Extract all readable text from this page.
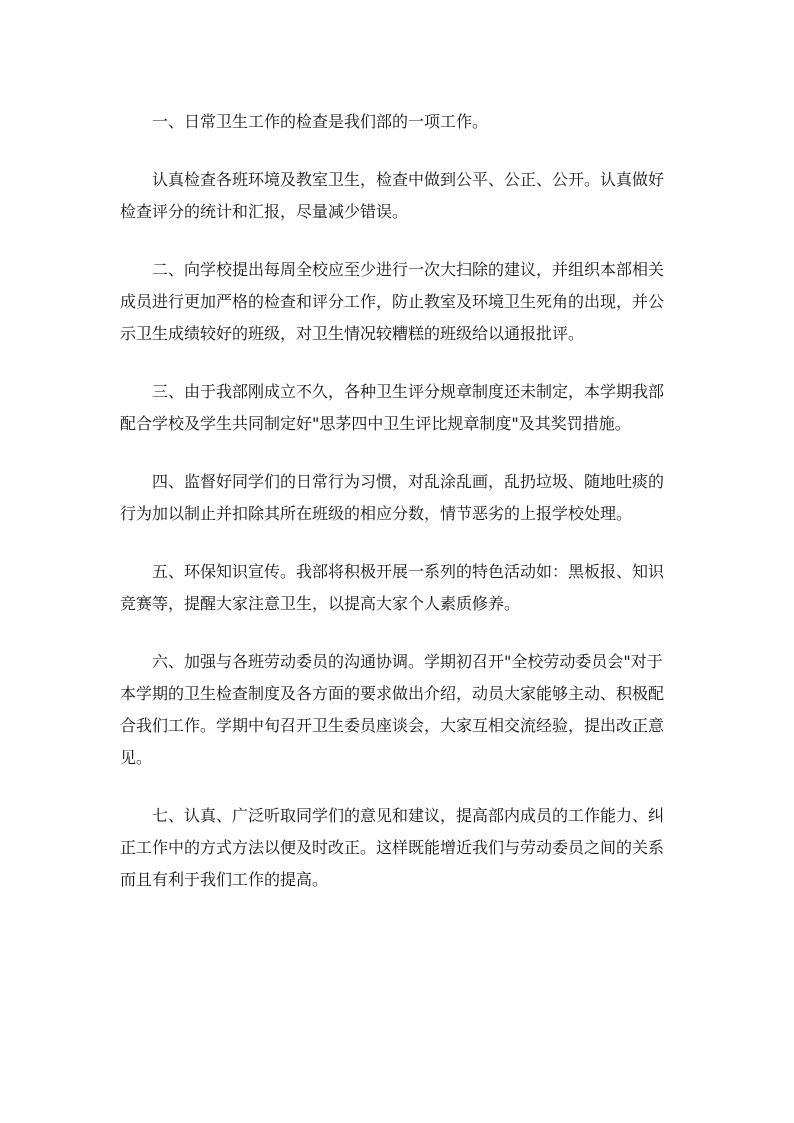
一、日常卫生工作的检查是我们部的一项工作。

认真检查各班环境及教室卫生，检查中做到公平、公正、公开。认真做好检查评分的统计和汇报，尽量减少错误。

二、向学校提出每周全校应至少进行一次大扫除的建议，并组织本部相关成员进行更加严格的检查和评分工作，防止教室及环境卫生死角的出现，并公示卫生成绩较好的班级，对卫生情况较糟糕的班级给以通报批评。

三、由于我部刚成立不久，各种卫生评分规章制度还未制定，本学期我部配合学校及学生共同制定好"思茅四中卫生评比规章制度"及其奖罚措施。

四、监督好同学们的日常行为习惯，对乱涂乱画，乱扔垃圾、随地吐痰的行为加以制止并扣除其所在班级的相应分数，情节恶劣的上报学校处理。

五、环保知识宣传。我部将积极开展一系列的特色活动如：黑板报、知识竞赛等，提醒大家注意卫生，以提高大家个人素质修养。

六、加强与各班劳动委员的沟通协调。学期初召开"全校劳动委员会"对于本学期的卫生检查制度及各方面的要求做出介绍，动员大家能够主动、积极配合我们工作。学期中旬召开卫生委员座谈会，大家互相交流经验，提出改正意见。

七、认真、广泛听取同学们的意见和建议，提高部内成员的工作能力、纠正工作中的方式方法以便及时改正。这样既能增近我们与劳动委员之间的关系而且有利于我们工作的提高。
